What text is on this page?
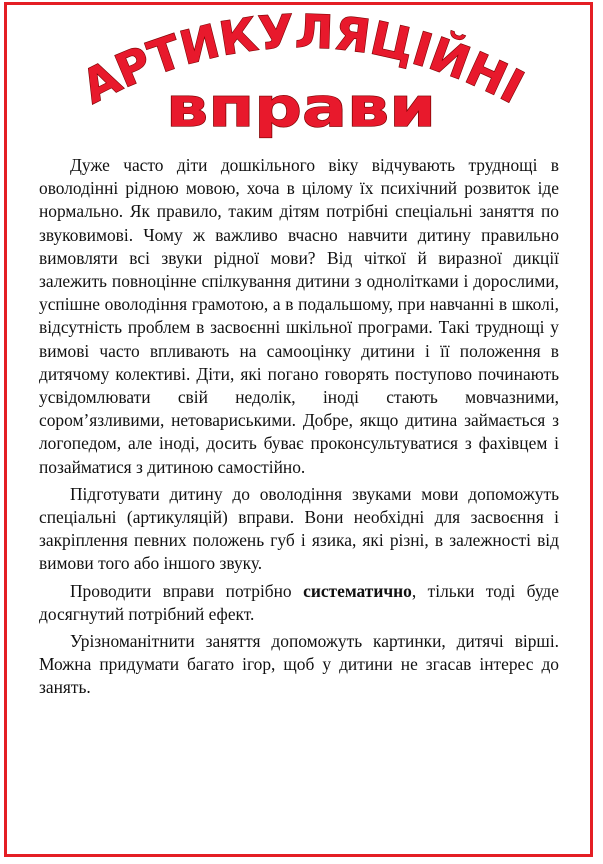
АРТИКУЛЯЦІЙНІ
вправи

Дуже часто діти дошкільного віку відчувають труднощі в оволодінні рідною мовою, хоча в цілому їх психічний розвиток іде нормально. Як правило, таким дітям потрібні спеціальні заняття по звуковимові. Чому ж важливо вчасно навчити дитину правильно вимовляти всі звуки рідної мови? Від чіткої й виразної дикції залежить повноцінне спілкування дитини з однолітками і дорослими, успішне оволодіння грамотою, а в подальшому, при навчанні в школі, відсутність проблем в засвоєнні шкільної програми. Такі труднощі у вимові часто впливають на самооцінку дитини і її положення в дитячому колективі. Діти, які погано говорять поступово починають усвідомлювати свій недолік, іноді стають мовчазними, сором’язливими, нетовариськими. Добре, якщо дитина займається з логопедом, але іноді, досить буває проконсультуватися з фахівцем і позайматися з дитиною самостійно.

Підготувати дитину до оволодіння звуками мови допоможуть спеціальні (артикуляцій) вправи. Вони необхідні для засвоєння і закріплення певних положень губ і язика, які різні, в залежності від вимови того або іншого звуку.

Проводити вправи потрібно систематично, тільки тоді буде досягнутий потрібний ефект.

Урізноманітнити заняття допоможуть картинки, дитячі вірші. Можна придумати багато ігор, щоб у дитини не згасав інтерес до занять.
